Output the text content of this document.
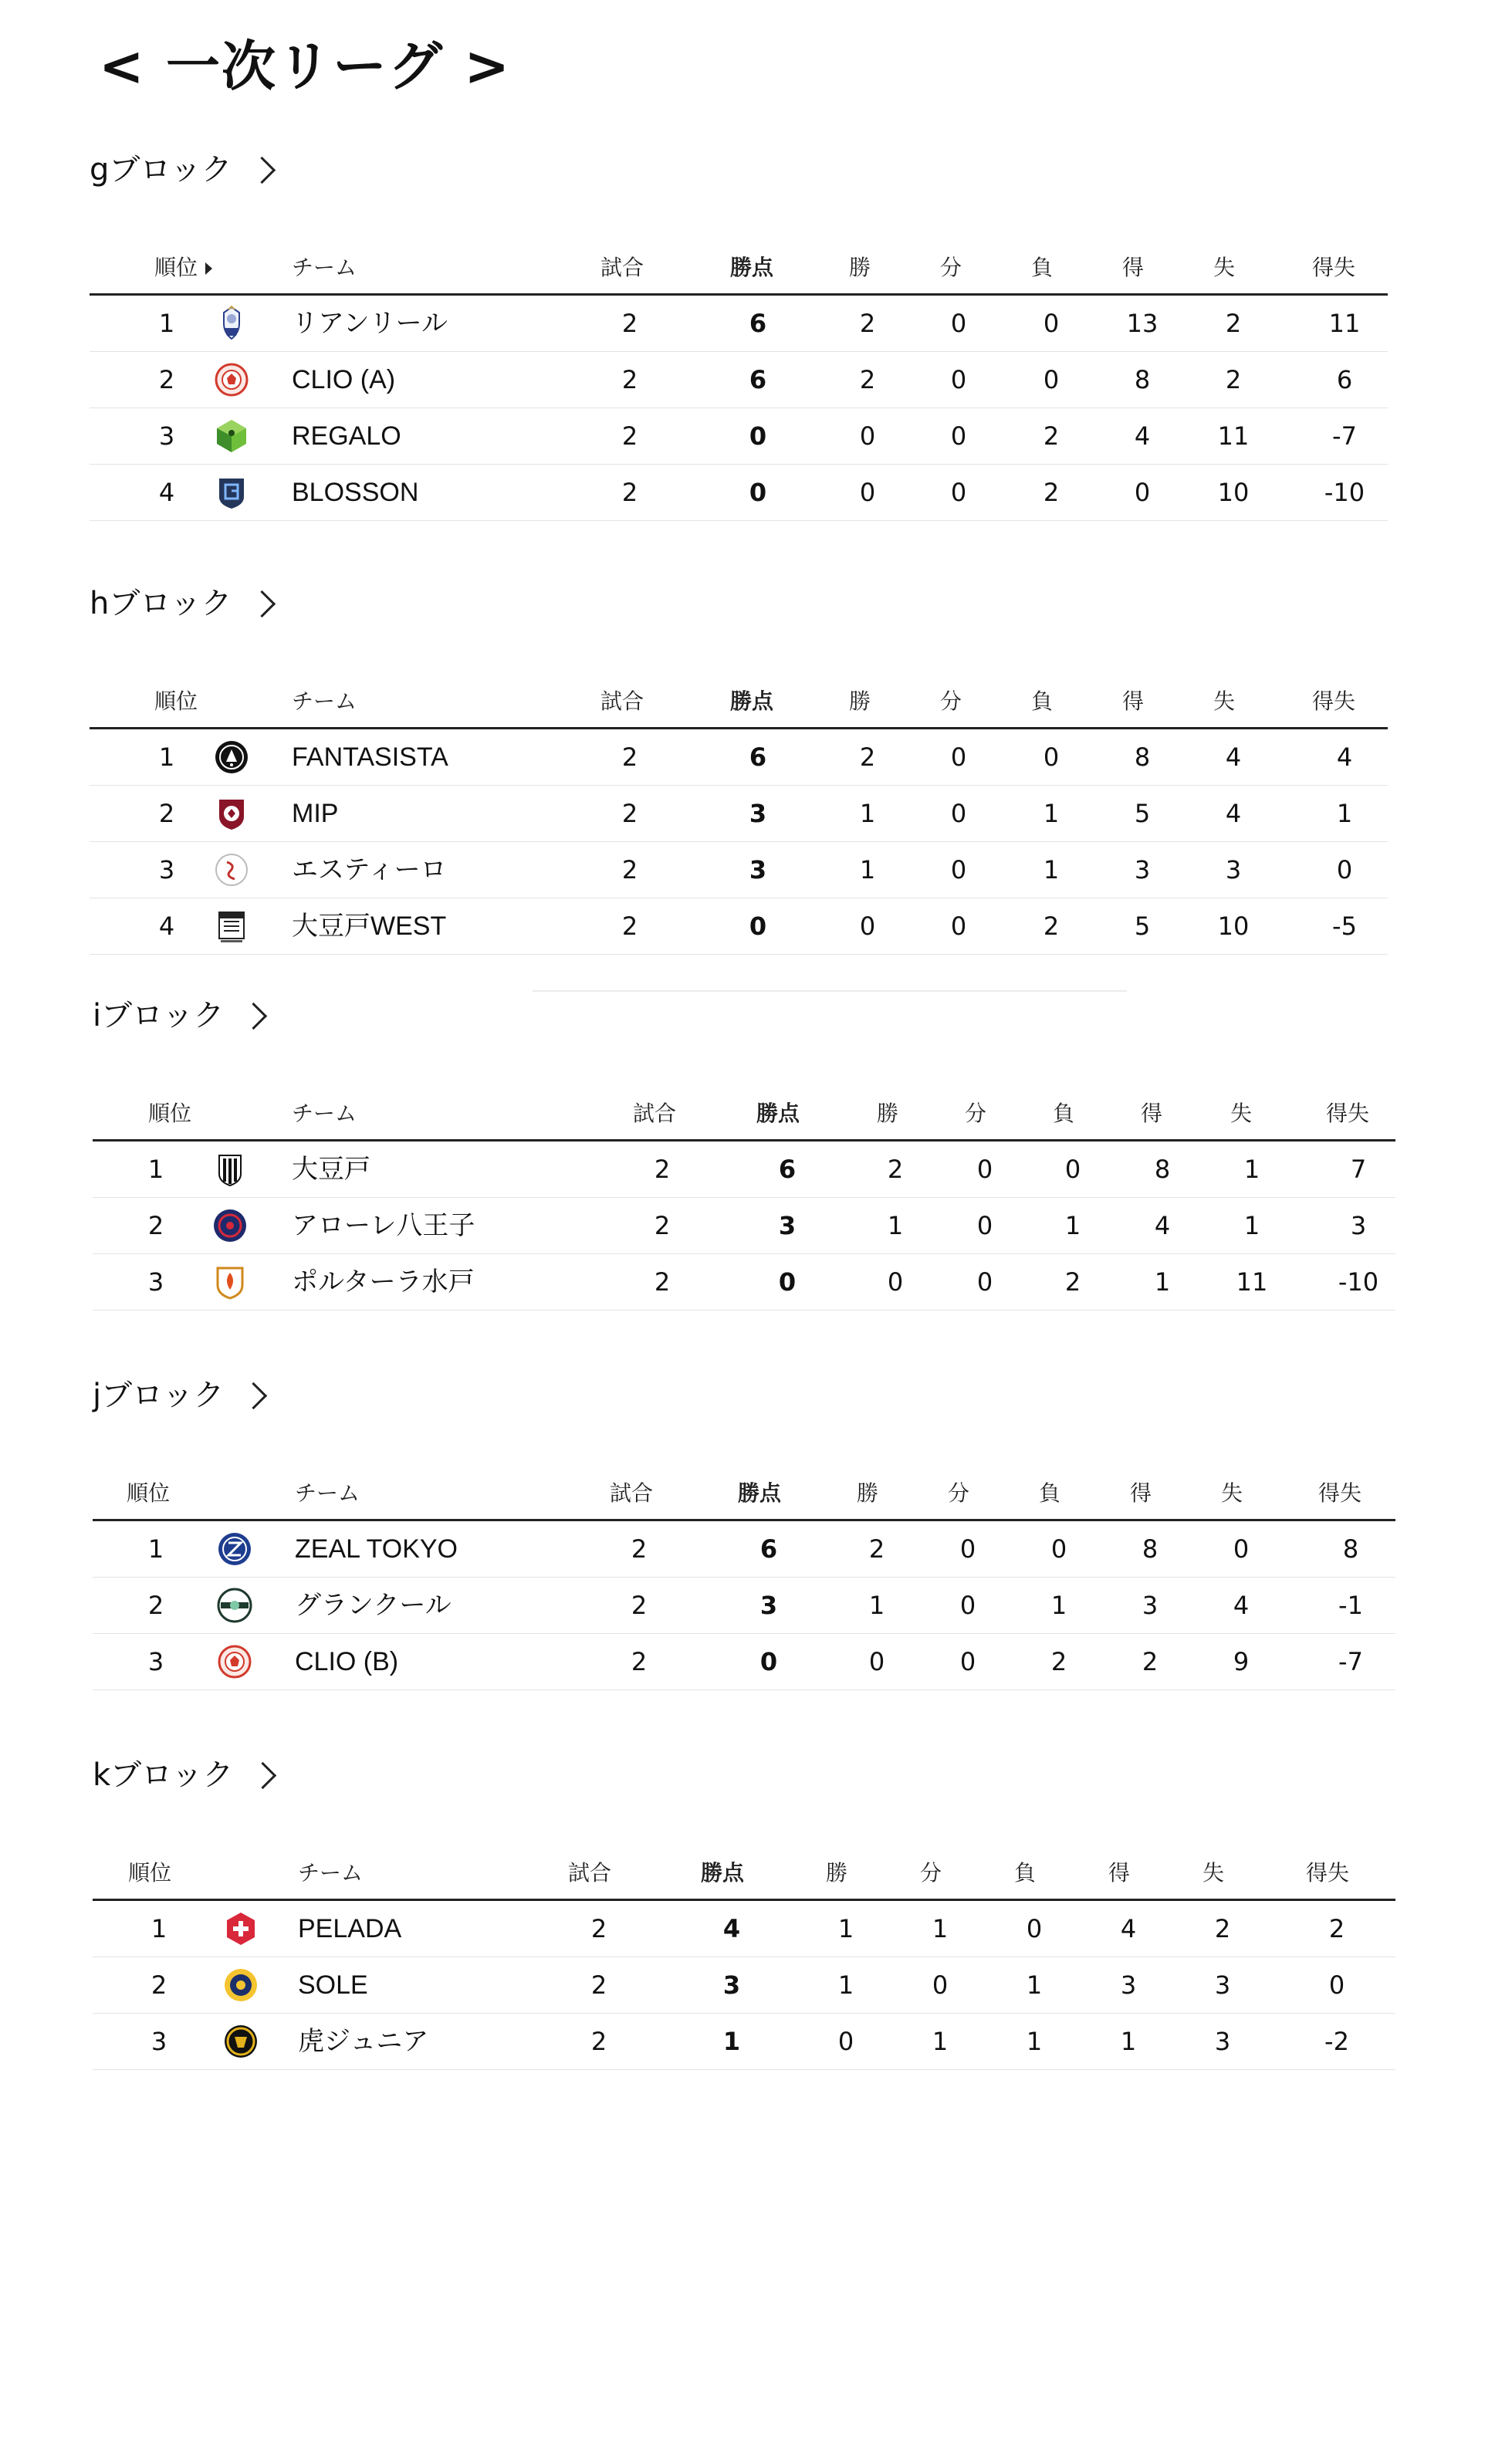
< 一次リーグ >
gブロック
順位	チーム	試合	勝点	勝	分	負	得	失	得失
1	リアンリール	2	6	2	0	0	13	2	11
2	CLIO (A)	2	6	2	0	0	8	2	6
3	REGALO	2	0	0	0	2	4	11	-7
4	BLOSSON	2	0	0	0	2	0	10	-10
hブロック
順位	チーム	試合	勝点	勝	分	負	得	失	得失
1	FANTASISTA	2	6	2	0	0	8	4	4
2	MIP	2	3	1	0	1	5	4	1
3	エスティーロ	2	3	1	0	1	3	3	0
4	大豆戸WEST	2	0	0	0	2	5	10	-5
iブロック
順位	チーム	試合	勝点	勝	分	負	得	失	得失
1	大豆戸	2	6	2	0	0	8	1	7
2	アローレ八王子	2	3	1	0	1	4	1	3
3	ポルターラ水戸	2	0	0	0	2	1	11	-10
jブロック
順位	チーム	試合	勝点	勝	分	負	得	失	得失
1	ZEAL TOKYO	2	6	2	0	0	8	0	8
2	グランクール	2	3	1	0	1	3	4	-1
3	CLIO (B)	2	0	0	0	2	2	9	-7
kブロック
順位	チーム	試合	勝点	勝	分	負	得	失	得失
1	PELADA	2	4	1	1	0	4	2	2
2	SOLE	2	3	1	0	1	3	3	0
3	虎ジュニア	2	1	0	1	1	1	3	-2
